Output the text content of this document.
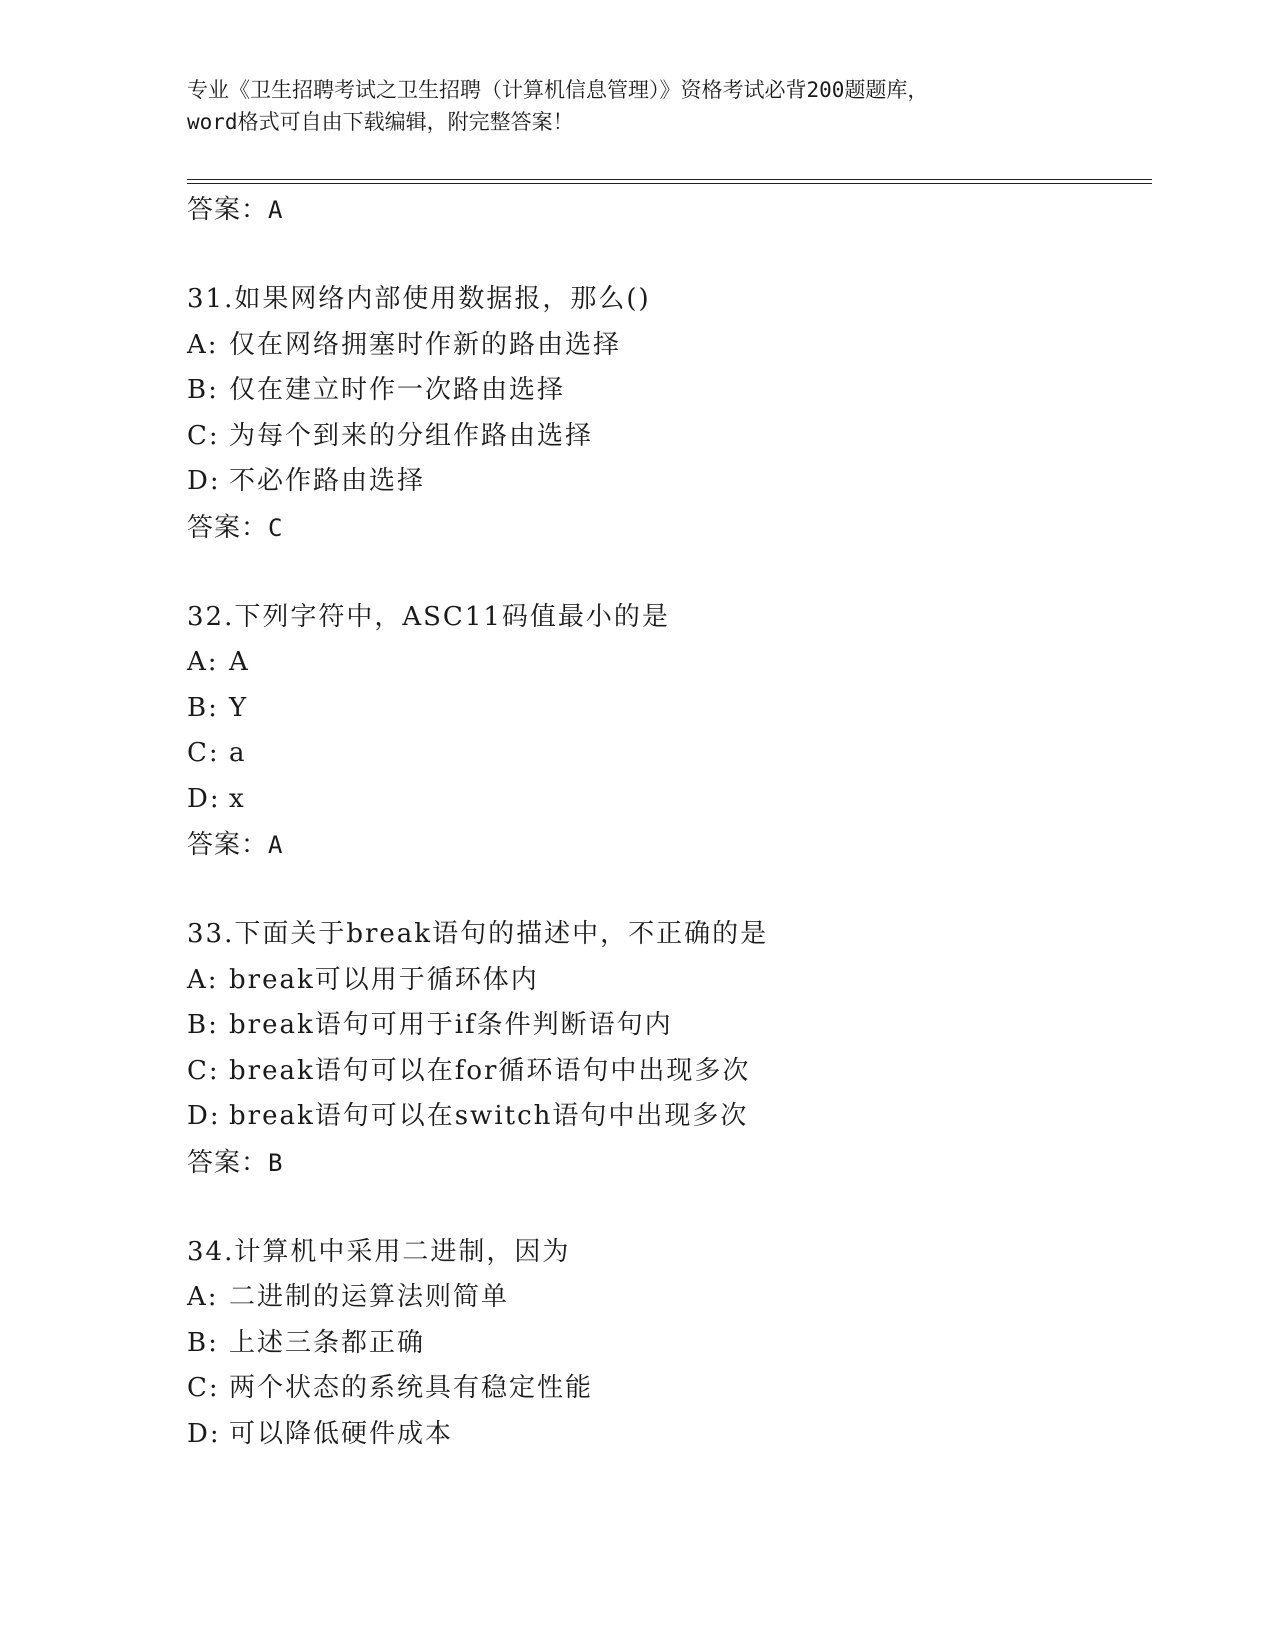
专业《卫生招聘考试之卫生招聘（计算机信息管理）》资格考试必背200题题库，
word格式可自由下载编辑，附完整答案！
答案：A
31.如果网络内部使用数据报，那么()
A: 仅在网络拥塞时作新的路由选择
B: 仅在建立时作一次路由选择
C: 为每个到来的分组作路由选择
D: 不必作路由选择
答案：C
32.下列字符中，ASC11码值最小的是
A: A
B: Y
C: a
D: x
答案：A
33.下面关于break语句的描述中，不正确的是
A: break可以用于循环体内
B: break语句可用于if条件判断语句内
C: break语句可以在for循环语句中出现多次
D: break语句可以在switch语句中出现多次
答案：B
34.计算机中采用二进制，因为
A: 二进制的运算法则简单
B: 上述三条都正确
C: 两个状态的系统具有稳定性能
D: 可以降低硬件成本
